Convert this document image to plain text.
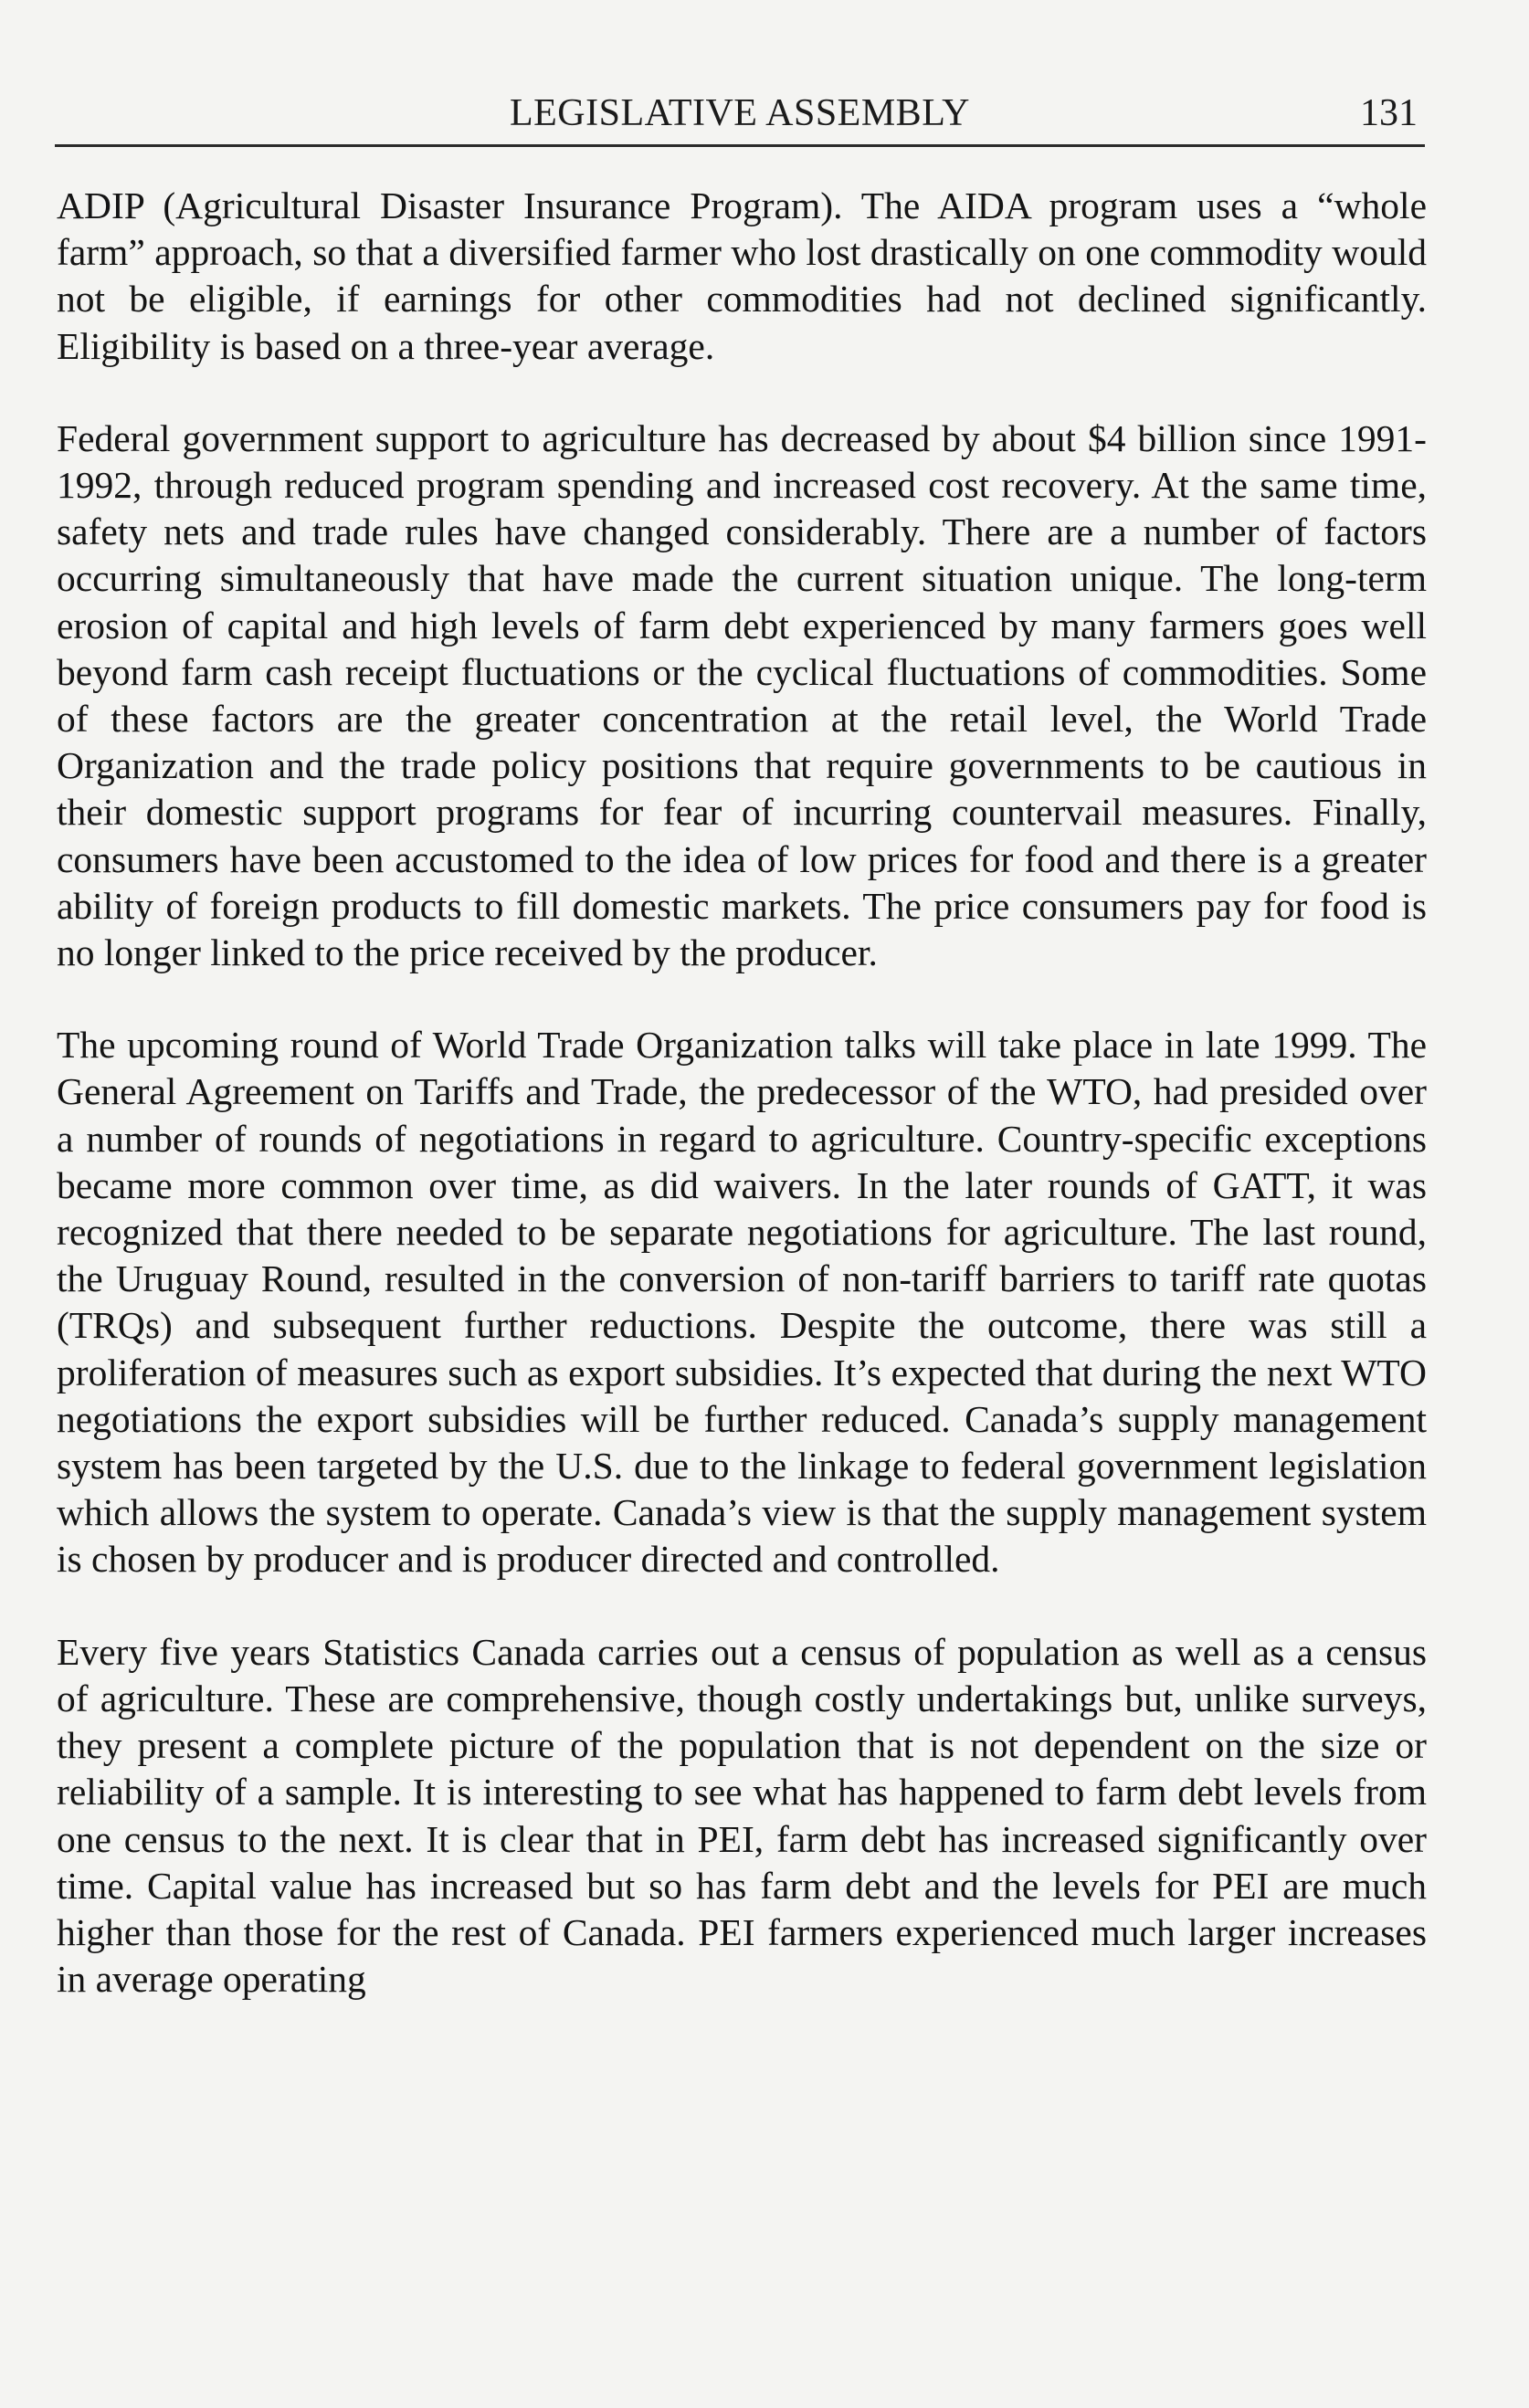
LEGISLATIVE ASSEMBLY	131

ADIP (Agricultural Disaster Insurance Program). The AIDA program uses a “whole farm” approach, so that a diversified farmer who lost drastically on one commodity would not be eligible, if earnings for other commodities had not declined significantly. Eligibility is based on a three-year average.

Federal government support to agriculture has decreased by about $4 billion since 1991-1992, through reduced program spending and increased cost recovery. At the same time, safety nets and trade rules have changed considerably. There are a number of factors occurring simultaneously that have made the current situation unique. The long-term erosion of capital and high levels of farm debt experienced by many farmers goes well beyond farm cash receipt fluctuations or the cyclical fluctuations of commodities. Some of these factors are the greater concentration at the retail level, the World Trade Organization and the trade policy positions that require governments to be cautious in their domestic support programs for fear of incurring countervail measures. Finally, consumers have been accustomed to the idea of low prices for food and there is a greater ability of foreign products to fill domestic markets. The price consumers pay for food is no longer linked to the price received by the producer.

The upcoming round of World Trade Organization talks will take place in late 1999. The General Agreement on Tariffs and Trade, the predecessor of the WTO, had presided over a number of rounds of negotiations in regard to agriculture. Country-specific exceptions became more common over time, as did waivers. In the later rounds of GATT, it was recognized that there needed to be separate negotiations for agriculture. The last round, the Uruguay Round, resulted in the conversion of non-tariff barriers to tariff rate quotas (TRQs) and subsequent further reductions. Despite the outcome, there was still a proliferation of measures such as export subsidies. It’s expected that during the next WTO negotiations the export subsidies will be further reduced. Canada’s supply management system has been targeted by the U.S. due to the linkage to federal government legislation which allows the system to operate. Canada’s view is that the supply management system is chosen by producer and is producer directed and controlled.

Every five years Statistics Canada carries out a census of population as well as a census of agriculture. These are comprehensive, though costly undertakings but, unlike surveys, they present a complete picture of the population that is not dependent on the size or reliability of a sample. It is interesting to see what has happened to farm debt levels from one census to the next. It is clear that in PEI, farm debt has increased significantly over time. Capital value has increased but so has farm debt and the levels for PEI are much higher than those for the rest of Canada. PEI farmers experienced much larger increases in average operating
